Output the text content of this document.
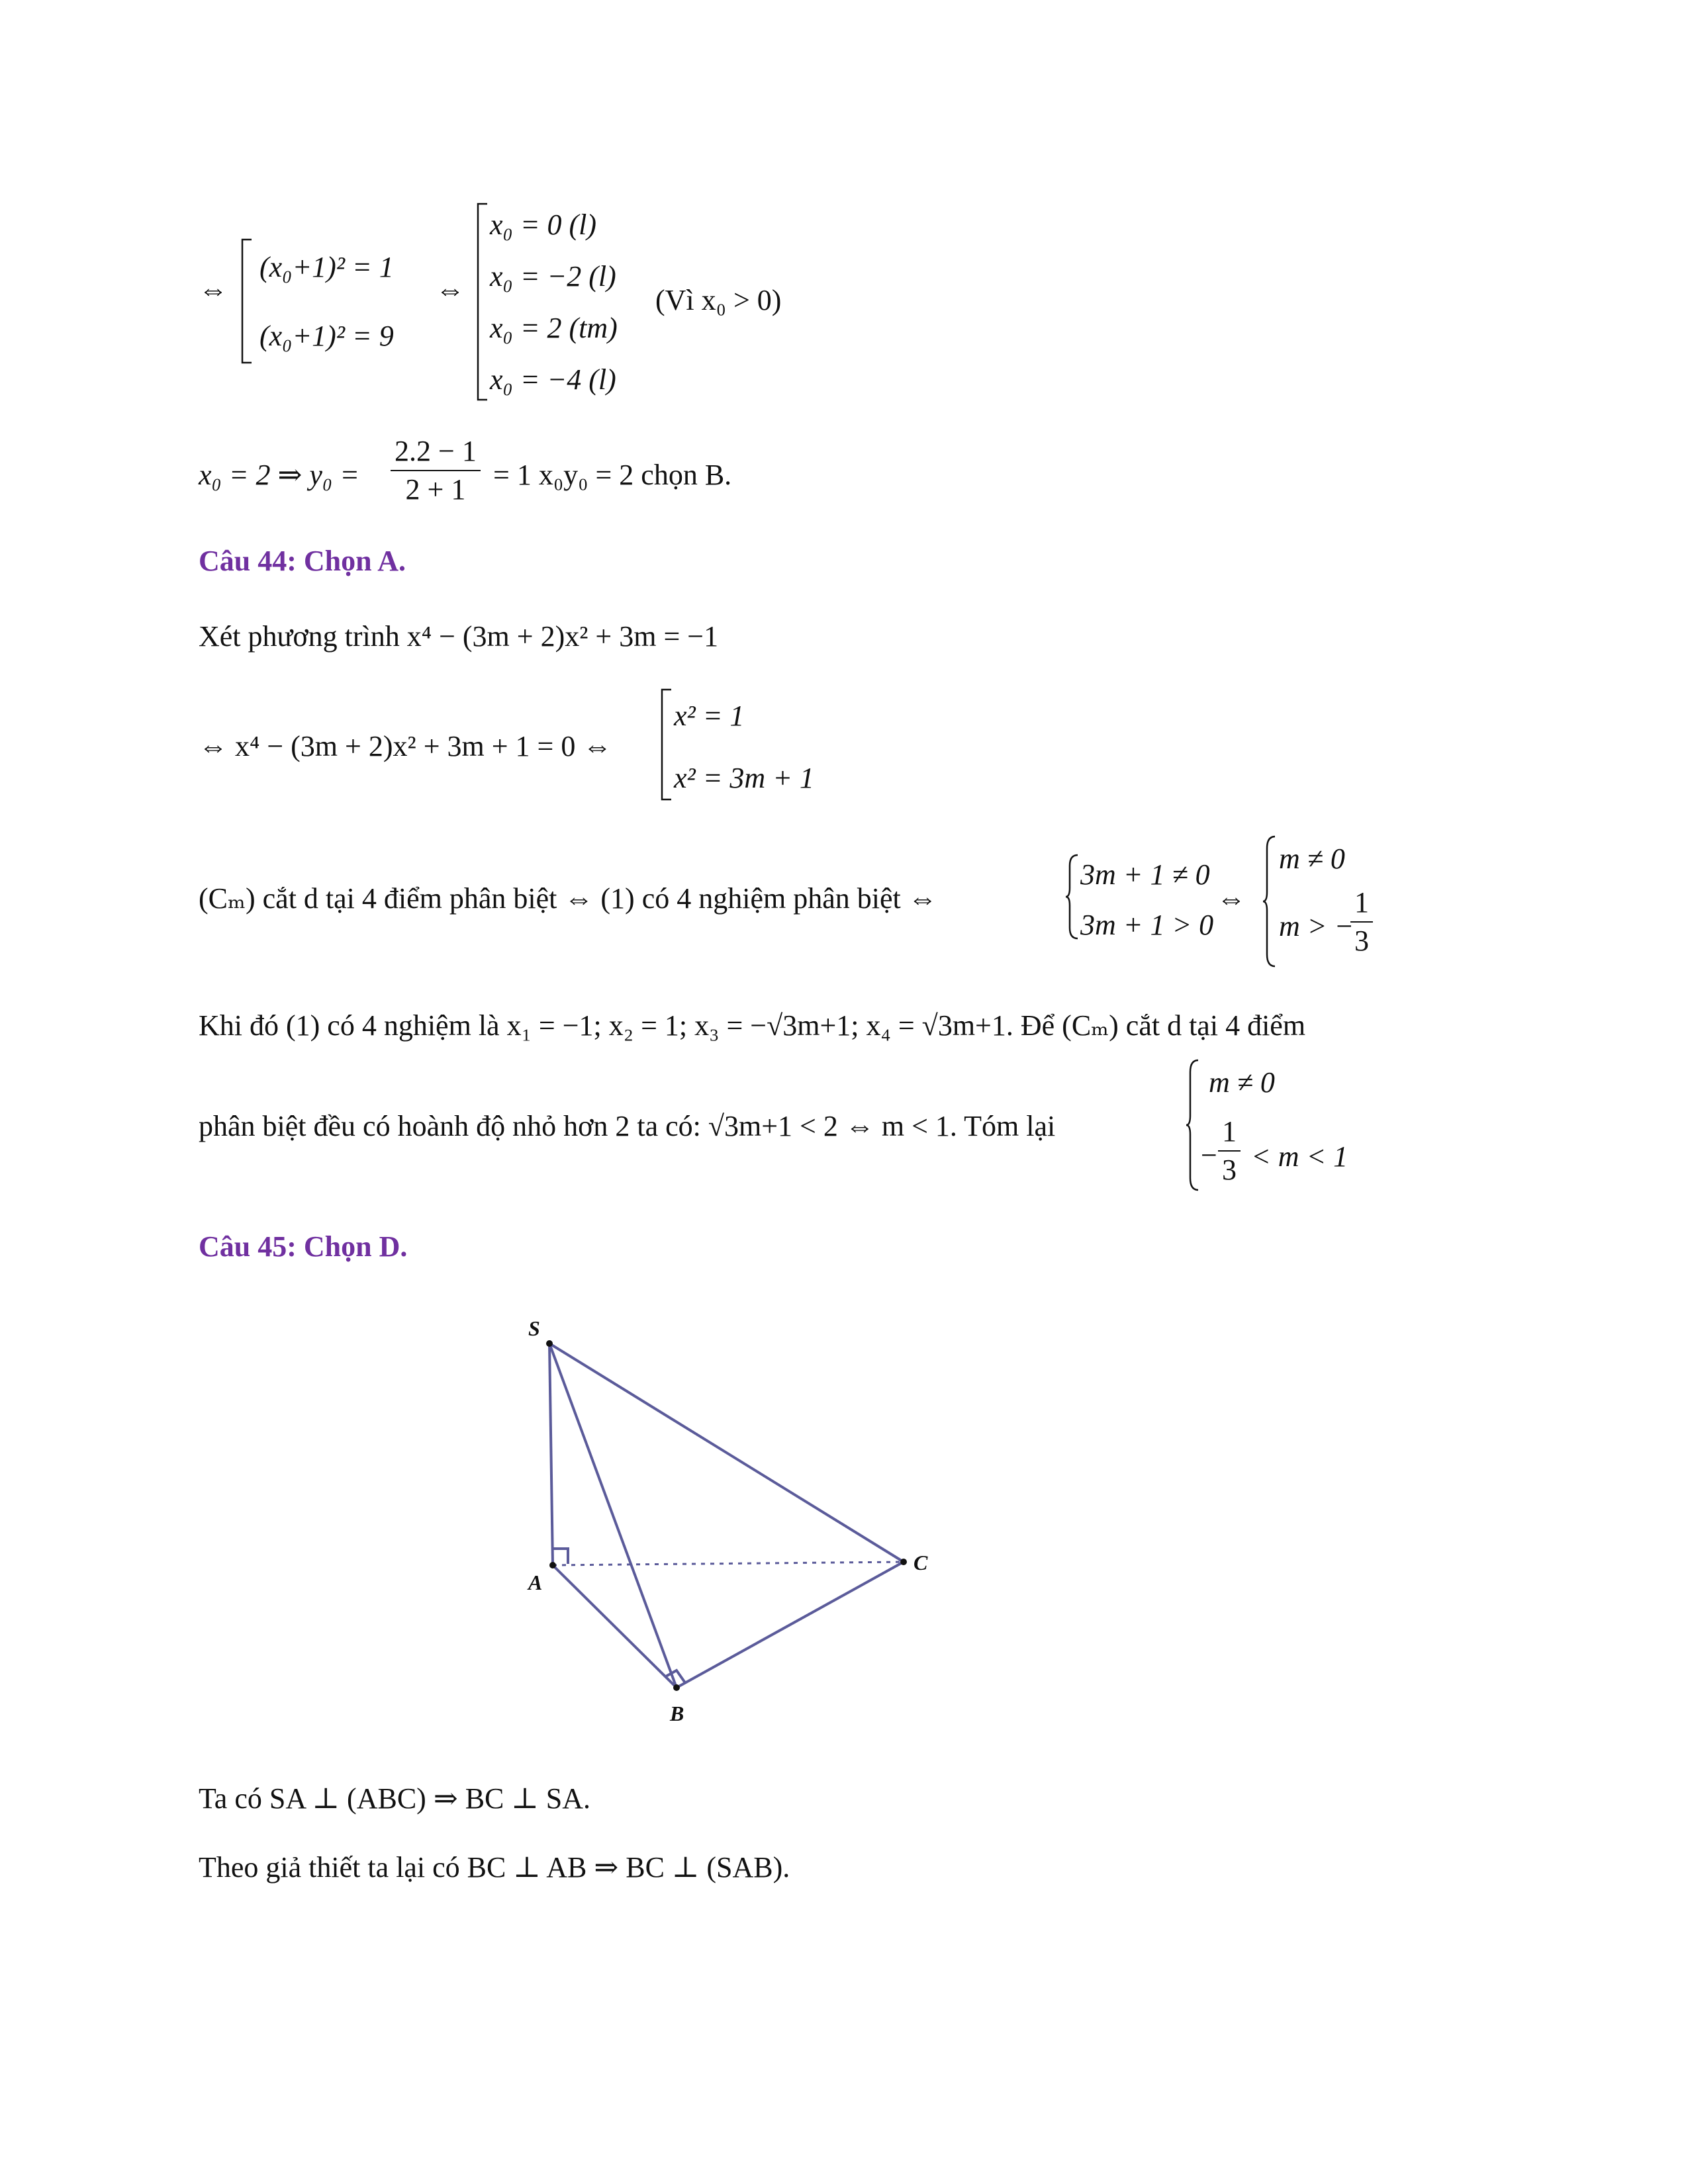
⇔
(x₀+1)² = 1
(x₀+1)² = 9
⇔
x₀ = 0 (l)
x₀ = −2 (l)
x₀ = 2 (tm)
x₀ = −4 (l)
(Vì x₀ > 0)
x₀ = 2 ⇒ $y_0 = \frac{2.2 - 1}{2 + 1} = 1$ x₀y₀ = 2 chọn B.
Câu 44: Chọn A.
Xét phương trình x⁴ − (3m + 2)x² + 3m = −1
⇔ x⁴ − (3m + 2)x² + 3m + 1 = 0 ⇔
x² = 1
x² = 3m + 1
(Cₘ) cắt d tại 4 điểm phân biệt ⇔ (1) có 4 nghiệm phân biệt ⇔
3m + 1 ≠ 0
3m + 1 > 0
⇔
m ≠ 0
m > −
$\frac{1}{3}$
Khi đó (1) có 4 nghiệm là x₁ = −1; x₂ = 1; x₃ = −√3m+1; x₄ = √3m+1. Để (Cₘ) cắt d tại 4 điểm
phân biệt đều có hoành độ nhỏ hơn 2 ta có: √3m+1 < 2 ⇔ m < 1. Tóm lại
m ≠ 0
− $\frac{1}{3} < m < 1$
Câu 45: Chọn D.
S
A
B
C
Ta có SA ⊥ (ABC) ⇒ BC ⊥ SA.
Theo giả thiết ta lại có BC ⊥ AB ⇒ BC ⊥ (SAB).
